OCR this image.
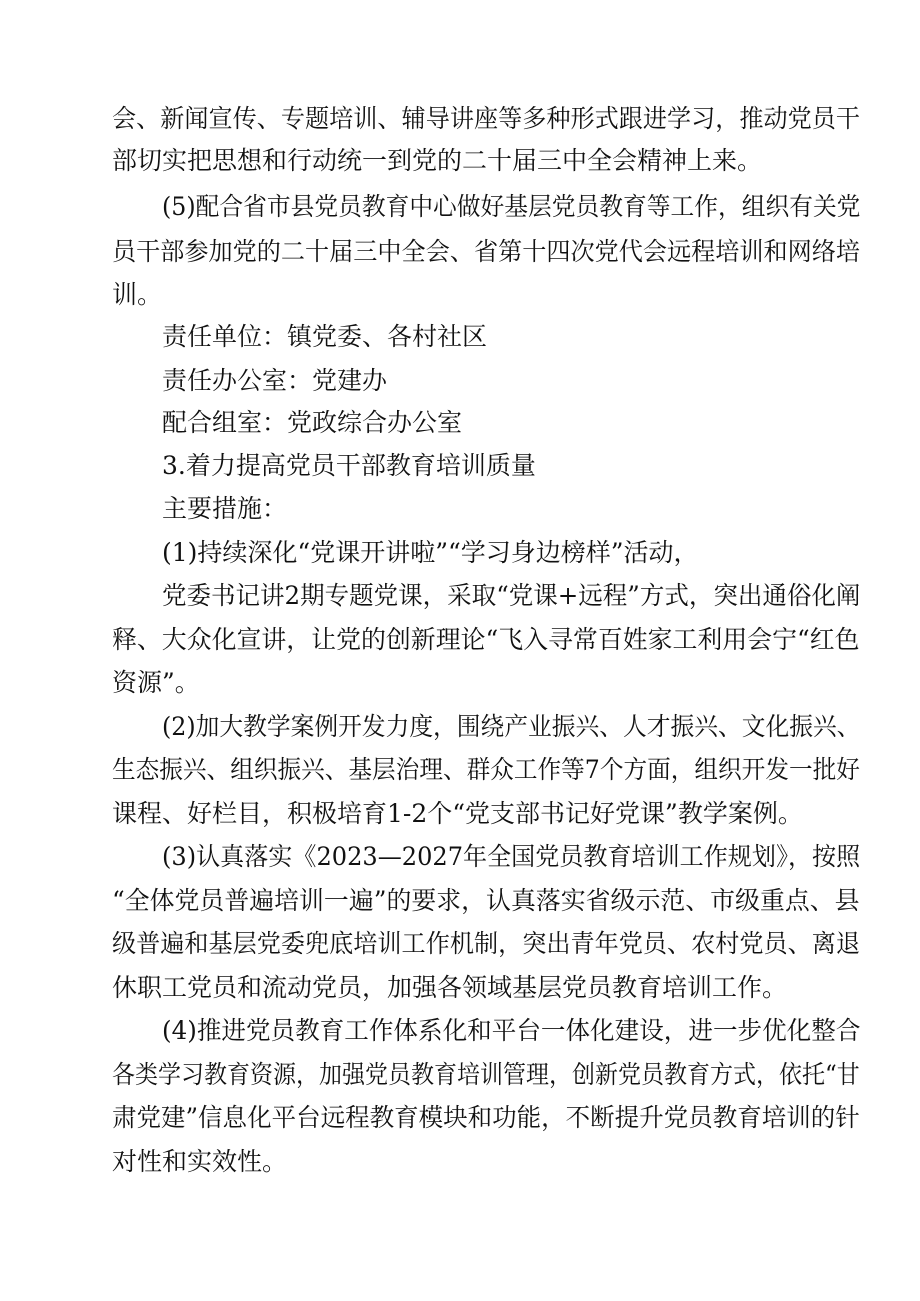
会、新闻宣传、专题培训、辅导讲座等多种形式跟进学习，推动党员干
部切实把思想和行动统一到党的二十届三中全会精神上来。
(5)配合省市县党员教育中心做好基层党员教育等工作，组织有关党
员干部参加党的二十届三中全会、省第十四次党代会远程培训和网络培
训。
责任单位：镇党委、各村社区
责任办公室：党建办
配合组室：党政综合办公室
3.着力提高党员干部教育培训质量
主要措施：
(1)持续深化“党课开讲啦”“学习身边榜样”活动，
党委书记讲2期专题党课，采取“党课+远程”方式，突出通俗化阐
释、大众化宣讲，让党的创新理论“飞入寻常百姓家工利用会宁“红色
资源”。
(2)加大教学案例开发力度，围绕产业振兴、人才振兴、文化振兴、
生态振兴、组织振兴、基层治理、群众工作等7个方面，组织开发一批好
课程、好栏目，积极培育1-2个“党支部书记好党课”教学案例。
(3)认真落实《2023—2027年全国党员教育培训工作规划》，按照
“全体党员普遍培训一遍”的要求，认真落实省级示范、市级重点、县
级普遍和基层党委兜底培训工作机制，突出青年党员、农村党员、离退
休职工党员和流动党员，加强各领域基层党员教育培训工作。
(4)推进党员教育工作体系化和平台一体化建设，进一步优化整合
各类学习教育资源，加强党员教育培训管理，创新党员教育方式，依托“甘
肃党建”信息化平台远程教育模块和功能，不断提升党员教育培训的针
对性和实效性。
